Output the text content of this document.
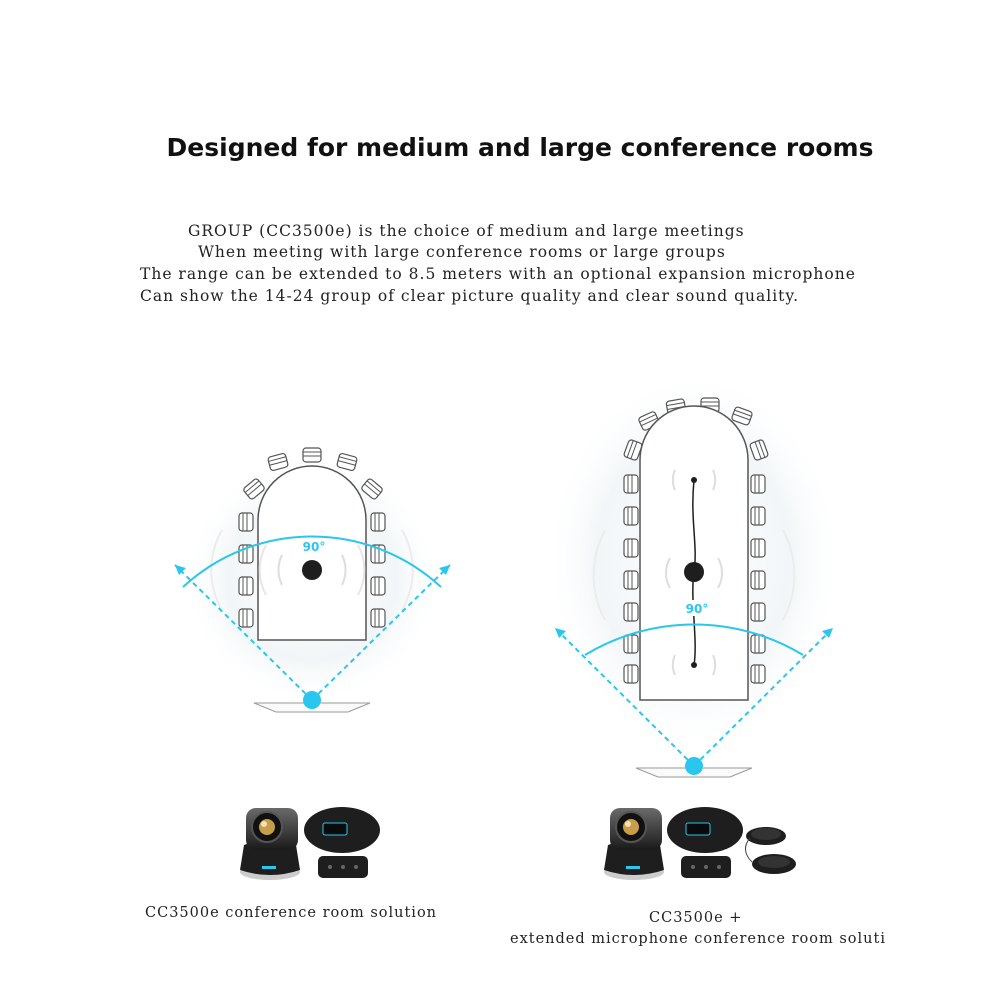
Designed for medium and large conference rooms
GROUP (CC3500e) is the choice of medium and large meetings
When meeting with large conference rooms or large groups
The range can be extended to 8.5 meters with an optional expansion microphone
Can show the 14-24 group of clear picture quality and clear sound quality.
90°
90°
CC3500e conference room solution	CC3500e +
extended microphone conference room soluti
